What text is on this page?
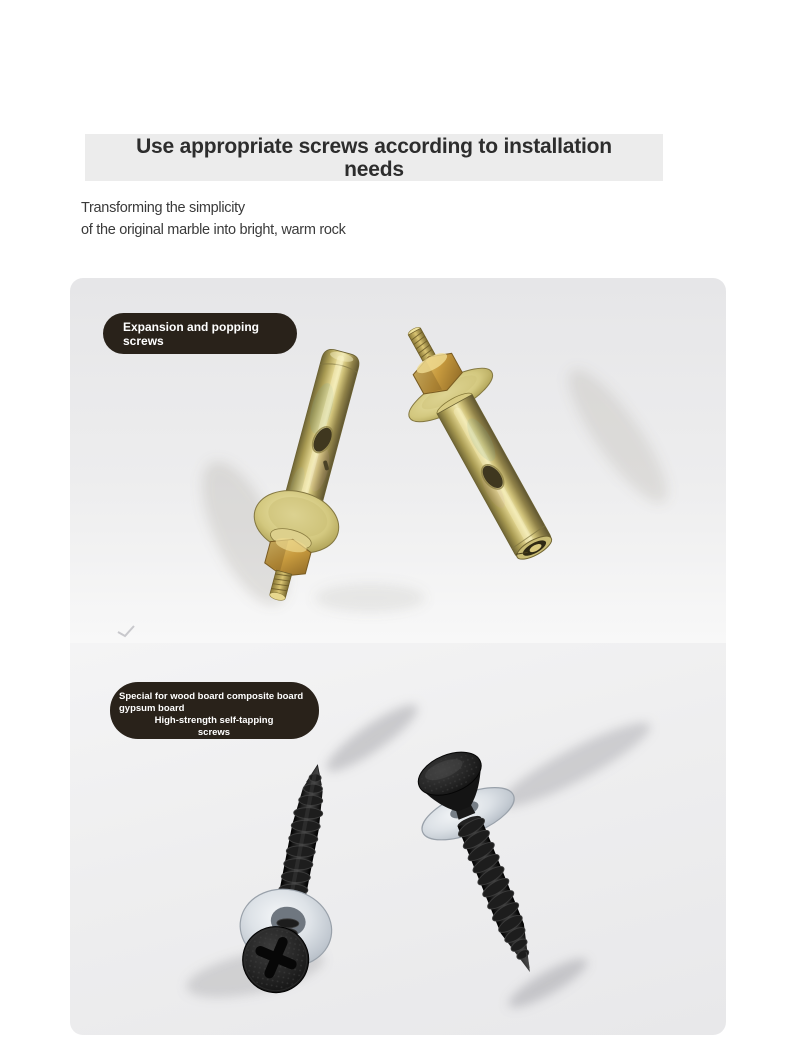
Use appropriate screws according to installation
needs
Transforming the simplicity
of the original marble into bright, warm rock
Expansion and popping
screws
Special for wood board composite board
gypsum board
High-strength self-tapping
screws
